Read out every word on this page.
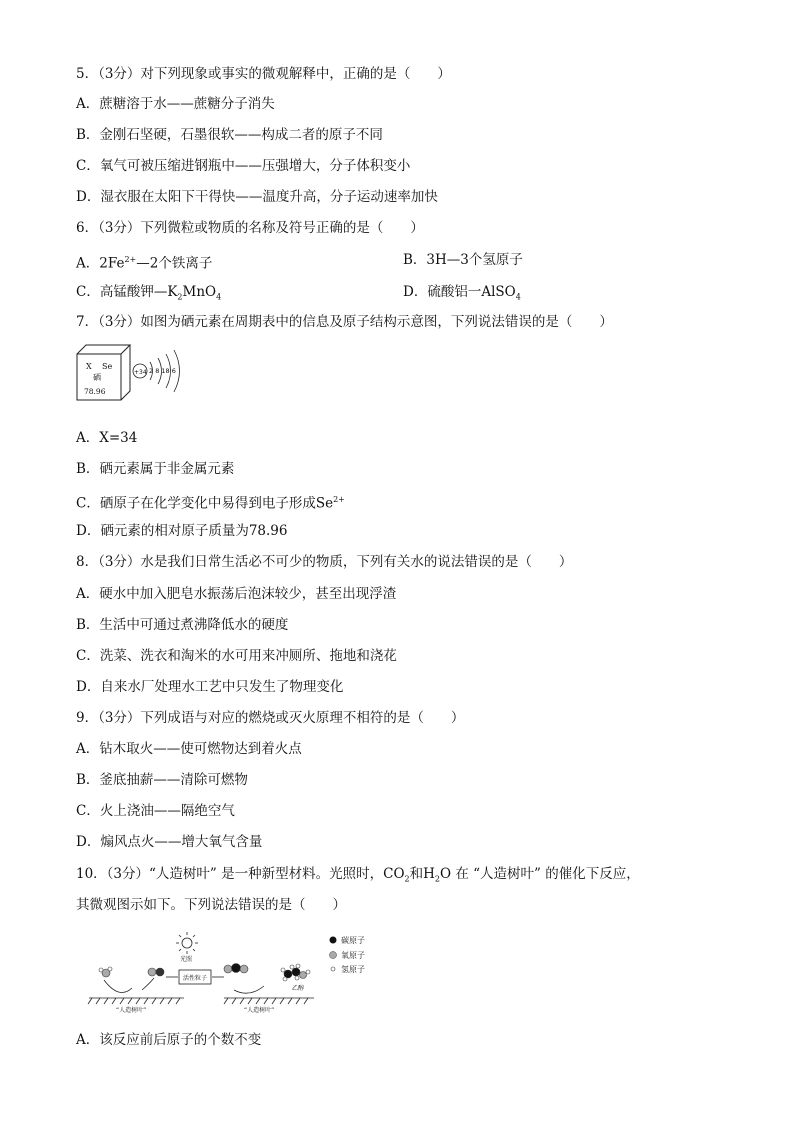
5．（3分）对下列现象或事实的微观解释中，正确的是（　　）
A．蔗糖溶于水——蔗糖分子消失
B．金刚石坚硬，石墨很软——构成二者的原子不同
C．氧气可被压缩进钢瓶中——压强增大，分子体积变小
D．湿衣服在太阳下干得快——温度升高，分子运动速率加快
6．（3分）下列微粒或物质的名称及符号正确的是（　　）
A．$2Fe^{2+}—2$个铁离子	B．3H—3个氢原子
C．高锰酸钾$—K_2MnO_4$	D．硫酸铝一AlSO$_4$
7．（3分）如图为硒元素在周期表中的信息及原子结构示意图，下列说法错误的是（　　）
X Se
硒
78.96
+34 2 8 18 6
A．X=34
B．硒元素属于非金属元素
C．硒原子在化学变化中易得到电子形成$Se^{2+}$
D．硒元素的相对原子质量为78.96
8．（3分）水是我们日常生活必不可少的物质，下列有关水的说法错误的是（　　）
A．硬水中加入肥皂水振荡后泡沫较少，甚至出现浮渣
B．生活中可通过煮沸降低水的硬度
C．洗菜、洗衣和淘米的水可用来冲厕所、拖地和浇花
D．自来水厂处理水工艺中只发生了物理变化
9．（3分）下列成语与对应的燃烧或灭火原理不相符的是（　　）
A．钻木取火——使可燃物达到着火点
B．釜底抽薪——清除可燃物
C．火上浇油——隔绝空气
D．煽风点火——增大氧气含量
10．（3分）“人造树叶” 是一种新型材料。光照时，$CO_2$和$H_2O$ 在 “人造树叶” 的催化下反应，
其微观图示如下。下列说法错误的是（　　）
光照
活性粒子
乙醇
“人造树叶”	“人造树叶”
碳原子
氧原子
氢原子
A．该反应前后原子的个数不变
